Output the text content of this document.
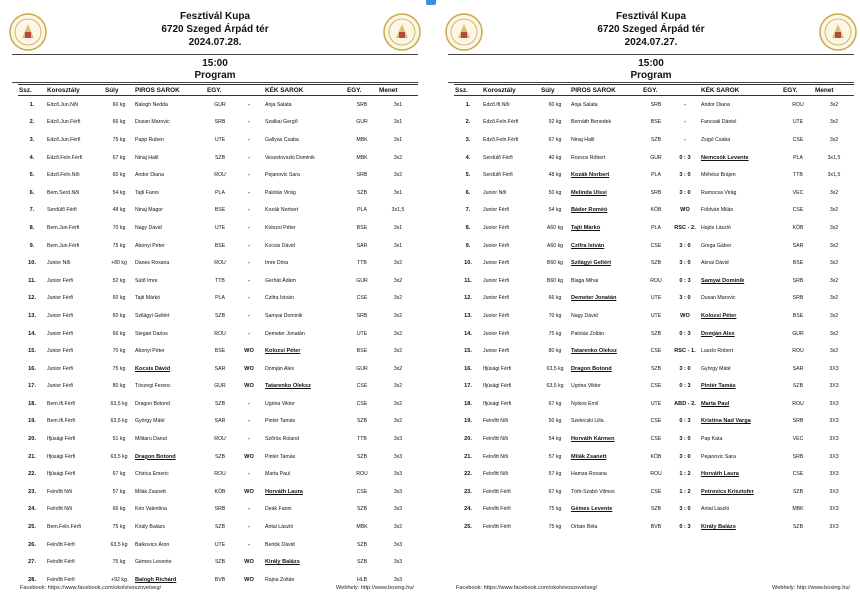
Fesztivál Kupa
6720 Szeged Árpád tér
2024.07.28.
15:00
Program
Ssz.	Korosztály	Súly	PIROS SAROK	EGY.		KÉK SAROK	EGY.	Menet
1.	Edző.Jun.Női	60 kg	Balogh Nedda	GUR	-	Anja Salata	SRB	3x1
2.	Edző.Jun.Férfi	66 kg	Dusan Marovic	SRB	-	Szalkai Gergő	GUR	3x1
3.	Edző.Jun.Férfi	75 kg	Papp Ruben	UTE	-	Gallyas Csaba	MBK	3x1
4.	Edző.Feln.Férfi	67 kg	Ninaj Halil	SZB	-	Veszelovszki Dominik	MBK	3x2
5.	Edző.Feln.Női	60 kg	Andor Diana	ROU	-	Pejanovic Sara	SRB	3x2
6.	Bem.Serd.Női	54 kg	Tajti Fanni	PLA	-	Palotás Virág	SZB	3x1
7.	Serdülő Férfi	48 kg	Ninaj Magor	BSE	-	Kozák Norbert	PLA	3x1,5
8.	Bem.Jun.Férfi	70 kg	Nagy Dávid	UTE	-	Kolozsi Péter	BSE	3x1
9.	Bem.Jun.Férfi	75 kg	Abonyi Péter	BSE	-	Kocsis Dávid	SAR	3x1
10.	Junior Női	+80 kg	Danes Roxana	ROU	-	Imre Dóra	TTB	3x2
11.	Junior Férfi	52 kg	Sütő Imre	TTB	-	Gerhát Ádám	GUR	3x2
12.	Junior Férfi	60 kg	Tajti Márkó	PLA	-	Czifra István	CSE	3x2
13.	Junior Férfi	60 kg	Szilágyi Gellért	SZB	-	Samyai Dominik	SRB	3x2
14.	Junior Férfi	66 kg	Stegari Darius	ROU	-	Demeter Jonatán	UTE	3x2
15.	Junior Férfi	70 kg	Abonyi Péter	BSE	WO	Kolozsi Péter	BSE	3x2
16.	Junior Férfi	75 kg	Kocsis Dávid	SAR	WO	Domján Alex	GUR	3x2
17.	Junior Férfi	80 kg	Tószegi Ferenc	GUR	WO	Tatarenko Oleksz	CSE	3x2
18.	Bem.Ifi.Férfi	63,5 kg	Dragon Botond	SZB	-	Ugrina Viktor	CSE	3x2
19.	Bem.Ifi.Férfi	63,5 kg	György Máté	SAR	-	Pintér Tamás	SZB	3x2
20.	Ifjúsági Férfi	51 kg	Militaru Danut	ROU	-	Szőrös Roland	TTB	3x3
21.	Ifjúsági Férfi	63,5 kg	Dragon Botond	SZB	WO	Pintér Tamás	SZB	3x3
22.	Ifjúsági Férfi	67 kg	Chirica Emeric	ROU	-	Marta Paul	ROU	3x3
23.	Felnőtt Női	57 kg	Milák Zsanett	KÖB	WO	Horváth Laura	CSE	3x3
24.	Felnőtt Női	66 kg	Kén Valentina	SRB	-	Deák Fanni	SZB	3x3
25.	Bem.Feln.Férfi	75 kg	Király Balázs	SZB	-	Antal László	MBK	3x2
26.	Felnőtt Férfi	63,5 kg	Balkovics Áron	UTE	-	Bertók Dávid	SZB	3x3
27.	Felnőtt Férfi	75 kg	Gémes Levente	SZB	WO	Király Balázs	SZB	3x3
28.	Felnőtt Férfi	+92 kg	Balogh Richárd	BVB	WO	Rajna Zoltán	HLB	3x3
Facebook: https://www.facebook.com/okolvivoszovetseg/	Webhely: http://www.boxing.hu/
Fesztivál Kupa
6720 Szeged Árpád tér
2024.07.27.
15:00
Program
Ssz.	Korosztály	Súly	PIROS SAROK	EGY.		KÉK SAROK	EGY.	Menet
1.	Edző.Ifi.Női	60 kg	Anja Salata	SRB	-	Andor Diana	ROU	3x2
2.	Edző.Feln.Férfi	92 kg	Bernáth Benedek	BSE	-	Fancsali Dániel	UTE	3x2
3.	Edző.Feln.Férfi	67 kg	Ninaj Halil	SZB	-	Zsigó Csaba	CSE	3x2
4.	Serdülő Férfi	40 kg	Rozsos Róbert	GUR	0 : 3	Nemcsók Levente	PLA	3x1,5
5.	Serdülő Férfi	48 kg	Kozák Norbert	PLA	3 : 0	Méhész Brájen	TTB	3x1,5
6.	Junior Női	50 kg	Melinda Ulssi	SRB	3 : 0	Ramocsa Virág	VEC	3x2
7.	Junior Férfi	54 kg	Báder Roméó	KÖB	WO	Földvári Milán	CSE	3x2
8.	Junior Férfi	A60 kg	Tajti Márkó	PLA	RSC - 2.	Hajós László	KÖB	3x2
9.	Junior Férfi	A60 kg	Czifra István	CSE	3 : 0	Grega Gábor	SAR	3x2
10.	Junior Férfi	B60 kg	Szilágyi Gellért	SZB	3 : 0	Aknai Dávid	BSE	3x2
11.	Junior Férfi	B60 kg	Blaga Mihai	ROU	0 : 3	Samyai Dominik	SRB	3x2
12.	Junior Férfi	66 kg	Demeter Jonatán	UTE	3 : 0	Dusan Marovic	SRB	3x2
13.	Junior Férfi	70 kg	Nagy Dávid	UTE	WO	Kolozsi Péter	BSE	3x2
14.	Junior Férfi	75 kg	Palotás Zoltán	SZB	0 : 3	Domján Alex	GUR	3x2
15.	Junior Férfi	80 kg	Tatarenko Oleksz	CSE	RSC - 1.	Laszlo Robert	ROU	3x2
16.	Ifjúsági Férfi	63,5 kg	Dragon Botond	SZB	3 : 0	György Máté	SAR	3X3
17.	Ifjúsági Férfi	63,5 kg	Ugrina Viktor	CSE	0 : 3	Pintér Tamás	SZB	3X3
18.	Ifjúsági Férfi	67 kg	Nyikos Emil	UTE	ABD - 2.	Marta Paul	ROU	3X3
19.	Felnőtt Női	50 kg	Szelecski Lilla	CSE	0 : 3	Kristina Nad Varga	SRB	3X3
20.	Felnőtt Női	54 kg	Horváth Kármen	CSE	3 : 0	Pap Kata	VEC	3X3
21.	Felnőtt Női	57 kg	Milák Zsanett	KÖB	3 : 0	Pejanovic Sara	SRB	3X3
22.	Felnőtt Női	57 kg	Hamza Roxana	ROU	1 : 2	Horváth Laura	CSE	3X3
23.	Felnőtt Férfi	67 kg	Tóth-Szabó Vilmos	CSE	1 : 2	Petrovics Krisztofer	SZB	3X3
24.	Felnőtt Férfi	75 kg	Gémes Levente	SZB	3 : 0	Antal László	MBK	3X3
25.	Felnőtt Férfi	75 kg	Orbán Béla	BVB	0 : 3	Király Balázs	SZB	3X3
Facebook: https://www.facebook.com/okolvivoszovetseg/	Webhely: http://www.boxing.hu/
